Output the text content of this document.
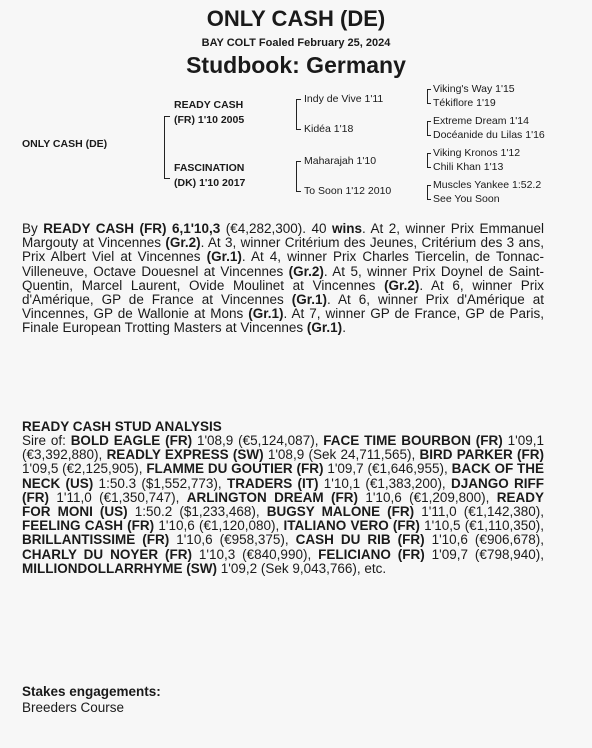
ONLY CASH (DE)
BAY COLT Foaled February 25, 2024
Studbook: Germany
ONLY CASH (DE)
READY CASH
(FR) 1'10 2005
FASCINATION
(DK) 1'10 2017
Indy de Vive 1'11
Kidéa 1'18
Maharajah 1'10
To Soon 1'12 2010
Viking's Way 1'15
Tékiflore 1'19
Extreme Dream 1'14
Docéanide du Lilas 1'16
Viking Kronos 1'12
Chili Khan 1'13
Muscles Yankee 1:52.2
See You Soon
By READY CASH (FR) 6,1'10,3 (€4,282,300). 40 wins. At 2, winner Prix Emmanuel Margouty at Vincennes (Gr.2). At 3, winner Critérium des Jeunes, Critérium des 3 ans, Prix Albert Viel at Vincennes (Gr.1). At 4, winner Prix Charles Tiercelin, de Tonnac-Villeneuve, Octave Douesnel at Vincennes (Gr.2). At 5, winner Prix Doynel de Saint-Quentin, Marcel Laurent, Ovide Moulinet at Vincennes (Gr.2). At 6, winner Prix d'Amérique, GP de France at Vincennes (Gr.1). At 6, winner Prix d'Amérique at Vincennes, GP de Wallonie at Mons (Gr.1). At 7, winner GP de France, GP de Paris, Finale European Trotting Masters at Vincennes (Gr.1).
READY CASH STUD ANALYSIS
Sire of: BOLD EAGLE (FR) 1'08,9 (€5,124,087), FACE TIME BOURBON (FR) 1'09,1 (€3,392,880), READLY EXPRESS (SW) 1'08,9 (Sek 24,711,565), BIRD PARKER (FR) 1'09,5 (€2,125,905), FLAMME DU GOUTIER (FR) 1'09,7 (€1,646,955), BACK OF THE NECK (US) 1:50.3 ($1,552,773), TRADERS (IT) 1'10,1 (€1,383,200), DJANGO RIFF (FR) 1'11,0 (€1,350,747), ARLINGTON DREAM (FR) 1'10,6 (€1,209,800), READY FOR MONI (US) 1:50.2 ($1,233,468), BUGSY MALONE (FR) 1'11,0 (€1,142,380), FEELING CASH (FR) 1'10,6 (€1,120,080), ITALIANO VERO (FR) 1'10,5 (€1,110,350), BRILLANTISSIME (FR) 1'10,6 (€958,375), CASH DU RIB (FR) 1'10,6 (€906,678), CHARLY DU NOYER (FR) 1'10,3 (€840,990), FELICIANO (FR) 1'09,7 (€798,940), MILLIONDOLLARRHYME (SW) 1'09,2 (Sek 9,043,766), etc.
Stakes engagements:
Breeders Course
